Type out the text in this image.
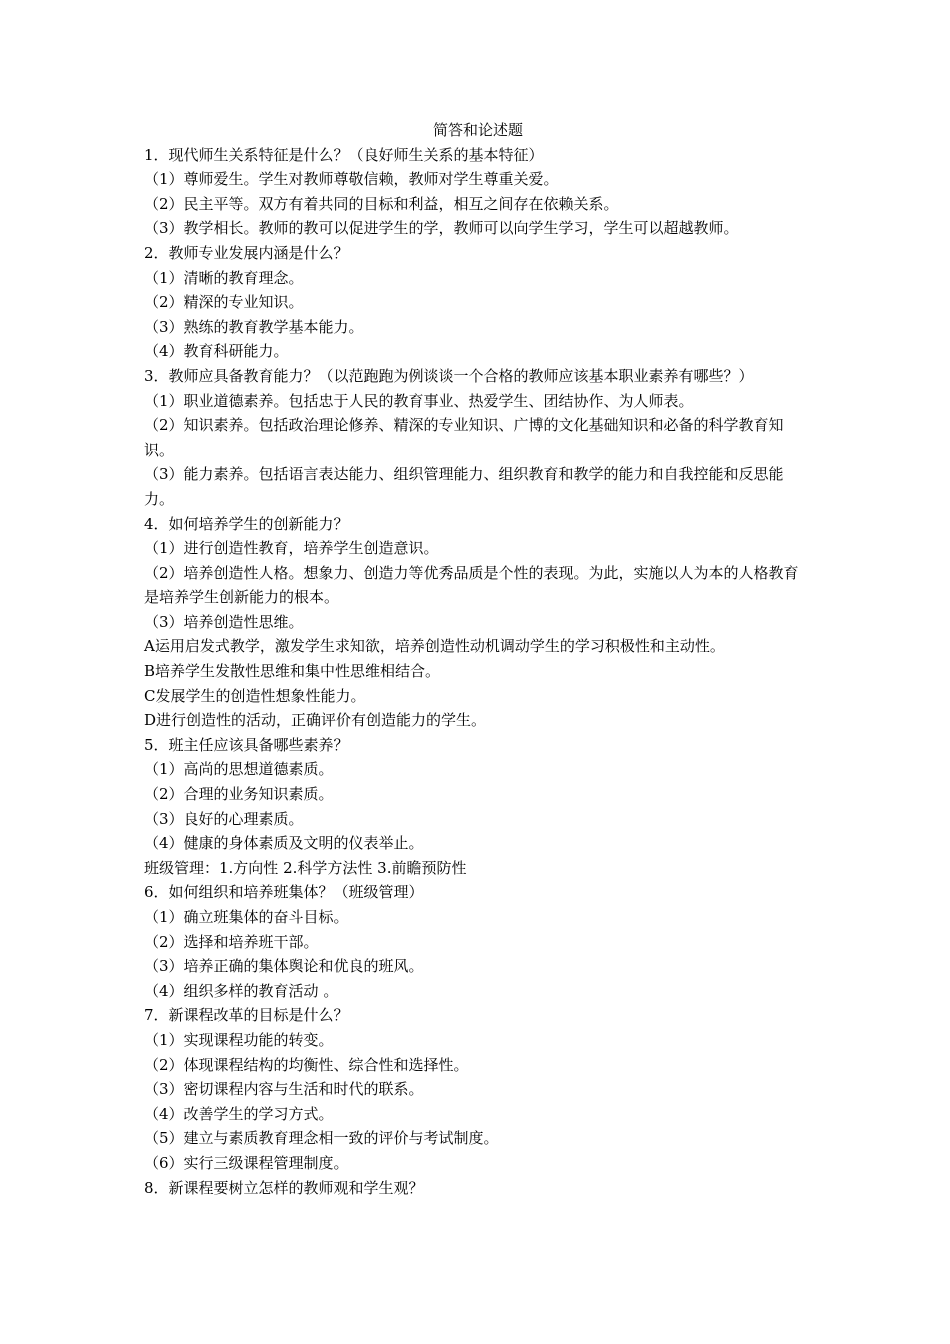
简答和论述题

1．现代师生关系特征是什么？（良好师生关系的基本特征）

（1）尊师爱生。学生对教师尊敬信赖，教师对学生尊重关爱。

（2）民主平等。双方有着共同的目标和利益，相互之间存在依赖关系。

（3）教学相长。教师的教可以促进学生的学，教师可以向学生学习，学生可以超越教师。

2．教师专业发展内涵是什么？

（1）清晰的教育理念。

（2）精深的专业知识。

（3）熟练的教育教学基本能力。

（4）教育科研能力。

3．教师应具备教育能力？（以范跑跑为例谈谈一个合格的教师应该基本职业素养有哪些？）

（1）职业道德素养。包括忠于人民的教育事业、热爱学生、团结协作、为人师表。

（2）知识素养。包括政治理论修养、精深的专业知识、广博的文化基础知识和必备的科学教育知识。

（3）能力素养。包括语言表达能力、组织管理能力、组织教育和教学的能力和自我控能和反思能力。

4．如何培养学生的创新能力？

（1）进行创造性教育，培养学生创造意识。

（2）培养创造性人格。想象力、创造力等优秀品质是个性的表现。为此，实施以人为本的人格教育是培养学生创新能力的根本。

（3）培养创造性思维。

A运用启发式教学，激发学生求知欲，培养创造性动机调动学生的学习积极性和主动性。

B培养学生发散性思维和集中性思维相结合。

C发展学生的创造性想象性能力。

D进行创造性的活动，正确评价有创造能力的学生。

5．班主任应该具备哪些素养？

（1）高尚的思想道德素质。

（2）合理的业务知识素质。

（3）良好的心理素质。

（4）健康的身体素质及文明的仪表举止。

班级管理：1.方向性 2.科学方法性 3.前瞻预防性

6．如何组织和培养班集体？（班级管理）

（1）确立班集体的奋斗目标。

（2）选择和培养班干部。

（3）培养正确的集体舆论和优良的班风。

（4）组织多样的教育活动 。

7．新课程改革的目标是什么？

（1）实现课程功能的转变。

（2）体现课程结构的均衡性、综合性和选择性。

（3）密切课程内容与生活和时代的联系。

（4）改善学生的学习方式。

（5）建立与素质教育理念相一致的评价与考试制度。

（6）实行三级课程管理制度。

8．新课程要树立怎样的教师观和学生观？
